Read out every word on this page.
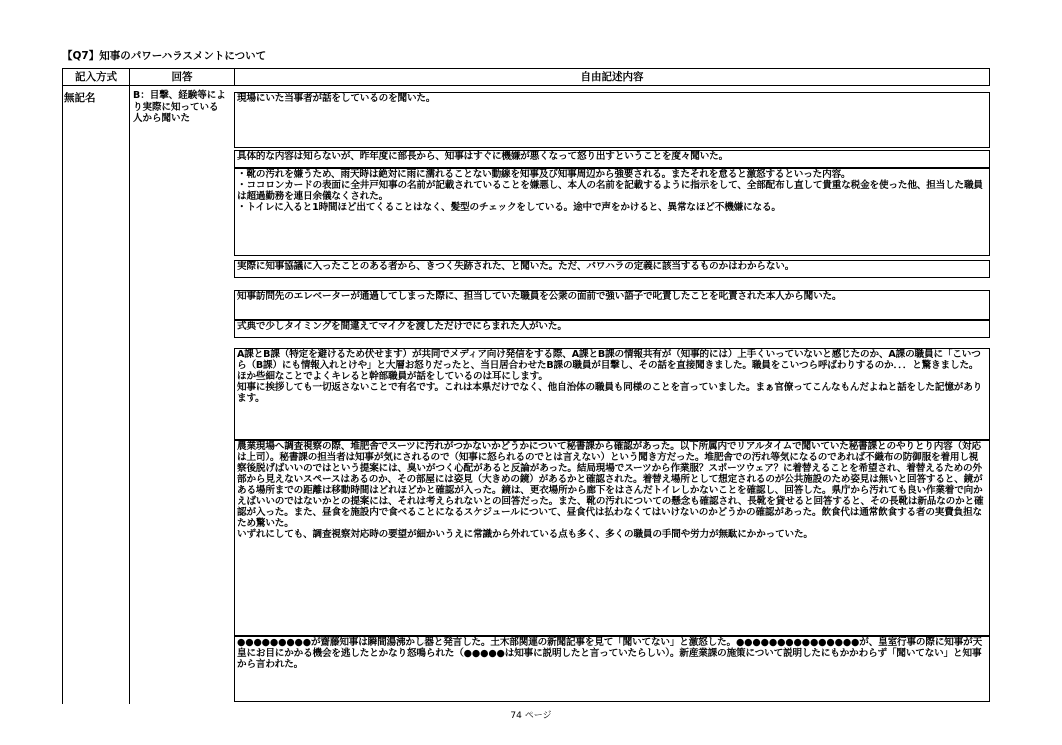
【Q7】知事のパワーハラスメントについて
記入方式	回答	自由記述内容
無記名	B：目撃、経験等により実際に知っている人から聞いた

現場にいた当事者が話をしているのを聞いた。

具体的な内容は知らないが、昨年度に部長から、知事はすぐに機嫌が悪くなって怒り出すということを度々聞いた。

・靴の汚れを嫌うため、雨天時は絶対に雨に濡れることない動線を知事及び知事周辺から強要される。またそれを怠ると激怒するといった内容。
・ココロンカードの表面に全井戸知事の名前が記載されていることを嫌悪し、本人の名前を記載するように指示をして、全部配布し直して貴重な税金を使った他、担当した職員は超過勤務を連日余儀なくされた。
・トイレに入ると1時間ほど出てくることはなく、髪型のチェックをしている。途中で声をかけると、異常なほど不機嫌になる。

実際に知事協議に入ったことのある者から、きつく失跡された、と聞いた。ただ、パワハラの定義に該当するものかはわからない。

知事訪問先のエレベーターが通過してしまった際に、担当していた職員を公衆の面前で強い語子で叱責したことを叱責された本人から聞いた。

式典で少しタイミングを間違えてマイクを渡しただけでにらまれた人がいた。

A課とB課（特定を避けるため伏せます）が共同でメディア向け発信をする際、A課とB課の情報共有が（知事的には）上手くいっていないと感じたのか、A課の職員に「こいつら（B課）にも情報入れとけや」と大層お怒りだったと、当日居合わせたB課の職員が目撃し、その話を直接聞きました。職員をこいつら呼ばわりするのか．．．と驚きました。
ほか些細なことでよくキレると幹部職員が話をしているのは耳にします。
知事に挨拶しても一切返さないことで有名です。これは本県だけでなく、他自治体の職員も同様のことを言っていました。まぁ官僚ってこんなもんだよねと話をした記憶があります。

農業現場へ調査視察の際、堆肥舎でスーツに汚れがつかないかどうかについて秘書課から確認があった。以下所属内でリアルタイムで聞いていた秘書課とのやりとり内容（対応は上司）。秘書課の担当者は知事が気にされるので（知事に怒られるのでとは言えない）という聞き方だった。堆肥舎での汚れ等気になるのであれば不織布の防御服を着用し視察後脱げばいいのではという提案には、臭いがつく心配があると反論があった。結局現場でスーツから作業服？スポーツウェア？に着替えることを希望され、着替えるための外部から見えないスペースはあるのか、その部屋には姿見（大きめの鏡）があるかと確認された。着替え場所として想定されるのが公共施設のため姿見は無いと回答すると、鏡がある場所までの距離は移動時間はどれほどかと確認が入った。鏡は、更衣場所から廊下をはさんだトイレしかないことを確認し、回答した。県庁から汚れても良い作業着で向かえばいいのではないかとの提案には、それは考えられないとの回答だった。また、靴の汚れについての懸念も確認され、長靴を貸せると回答すると、その長靴は新品なのかと確認が入った。また、昼食を施設内で食べることになるスケジュールについて、昼食代は払わなくてはいけないのかどうかの確認があった。飲食代は通常飲食する者の実費負担なため驚いた。
いずれにしても、調査視察対応時の要望が細かいうえに常識から外れている点も多く、多くの職員の手間や労力が無駄にかかっていた。

●●●●●●●●●が齋藤知事は瞬間湯沸かし器と発言した。土木部関連の新聞記事を見て「聞いてない」と激怒した。●●●●●●●●●●●●●●●が、皇室行事の際に知事が天皇にお目にかかる機会を逃したとかなり怒鳴られた（●●●●●は知事に説明したと言っていたらしい）。新産業課の施策について説明したにもかかわらず「聞いてない」と知事から言われた。

74 ページ
